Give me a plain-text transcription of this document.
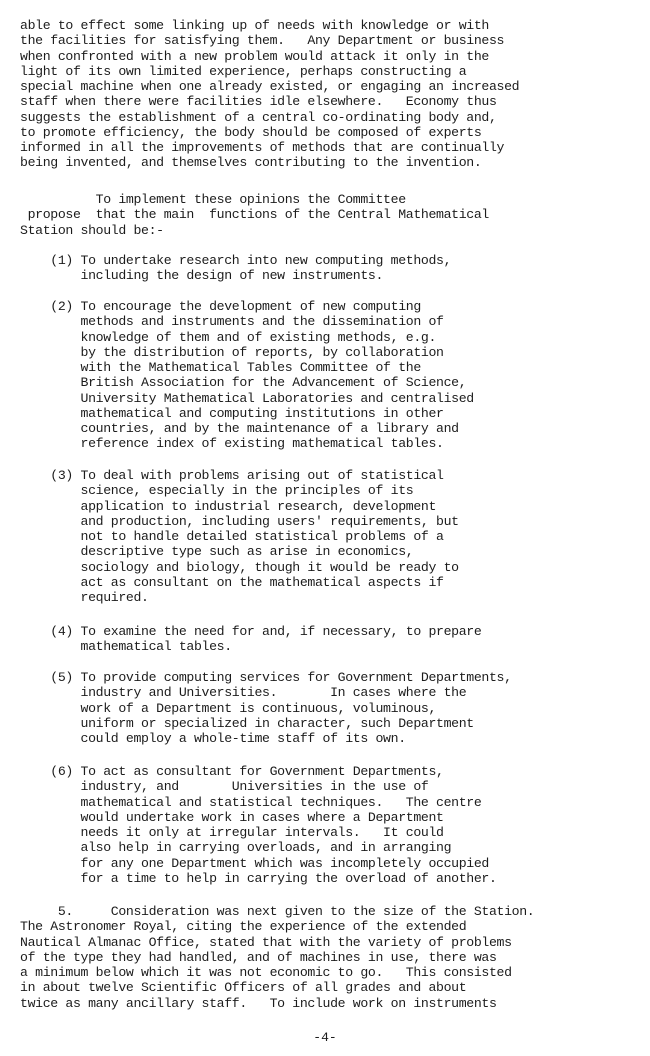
able to effect some linking up of needs with knowledge or with
the facilities for satisfying them.   Any Department or business
when confronted with a new problem would attack it only in the
light of its own limited experience, perhaps constructing a
special machine when one already existed, or engaging an increased
staff when there were facilities idle elsewhere.   Economy thus
suggests the establishment of a central co-ordinating body and,
to promote efficiency, the body should be composed of experts
informed in all the improvements of methods that are continually
being invented, and themselves contributing to the invention.

To implement these opinions the Committee
propose  that the main  functions of the Central Mathematical
Station should be:-

(1) To undertake research into new computing methods,
including the design of new instruments.

(2) To encourage the development of new computing
methods and instruments and the dissemination of
knowledge of them and of existing methods, e.g.
by the distribution of reports, by collaboration
with the Mathematical Tables Committee of the
British Association for the Advancement of Science,
University Mathematical Laboratories and centralised
mathematical and computing institutions in other
countries, and by the maintenance of a library and
reference index of existing mathematical tables.

(3) To deal with problems arising out of statistical
science, especially in the principles of its
application to industrial research, development
and production, including users' requirements, but
not to handle detailed statistical problems of a
descriptive type such as arise in economics,
sociology and biology, though it would be ready to
act as consultant on the mathematical aspects if
required.

(4) To examine the need for and, if necessary, to prepare
mathematical tables.

(5) To provide computing services for Government Departments,
industry and Universities.       In cases where the
work of a Department is continuous, voluminous,
uniform or specialized in character, such Department
could employ a whole-time staff of its own.

(6) To act as consultant for Government Departments,
industry, and       Universities in the use of
mathematical and statistical techniques.   The centre
would undertake work in cases where a Department
needs it only at irregular intervals.   It could
also help in carrying overloads, and in arranging
for any one Department which was incompletely occupied
for a time to help in carrying the overload of another.

5.     Consideration was next given to the size of the Station.
The Astronomer Royal, citing the experience of the extended
Nautical Almanac Office, stated that with the variety of problems
of the type they had handled, and of machines in use, there was
a minimum below which it was not economic to go.   This consisted
in about twelve Scientific Officers of all grades and about
twice as many ancillary staff.   To include work on instruments

-4-
